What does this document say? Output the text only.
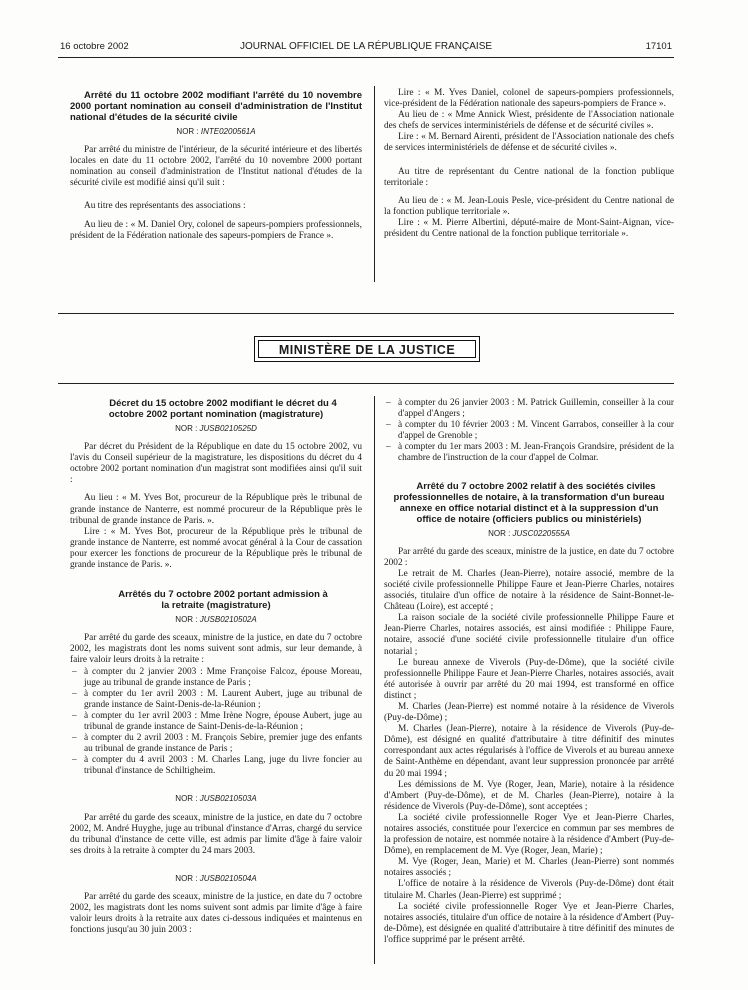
16 octobre 2002	JOURNAL OFFICIEL DE LA RÉPUBLIQUE FRANÇAISE	17101

Arrêté du 11 octobre 2002 modifiant l'arrêté du 10 novembre 2000 portant nomination au conseil d'administration de l'Institut national d'études de la sécurité civile

NOR : INTE0200561A

Par arrêté du ministre de l'intérieur, de la sécurité intérieure et des libertés locales en date du 11 octobre 2002, l'arrêté du 10 novembre 2000 portant nomination au conseil d'administration de l'Institut national d'études de la sécurité civile est modifié ainsi qu'il suit :

Au titre des représentants des associations :

Au lieu de : « M. Daniel Ory, colonel de sapeurs-pompiers professionnels, président de la Fédération nationale des sapeurs-pompiers de France ».

Lire : « M. Yves Daniel, colonel de sapeurs-pompiers professionnels, vice-président de la Fédération nationale des sapeurs-pompiers de France ».

Au lieu de : « Mme Annick Wiest, présidente de l'Association nationale des chefs de services interministériels de défense et de sécurité civiles ».

Lire : « M. Bernard Airenti, président de l'Association nationale des chefs de services interministériels de défense et de sécurité civiles ».

Au titre de représentant du Centre national de la fonction publique territoriale :

Au lieu de : « M. Jean-Louis Pesle, vice-président du Centre national de la fonction publique territoriale ».

Lire : « M. Pierre Albertini, député-maire de Mont-Saint-Aignan, vice-président du Centre national de la fonction publique territoriale ».

MINISTÈRE DE LA JUSTICE

Décret du 15 octobre 2002 modifiant le décret du 4 octobre 2002 portant nomination (magistrature)

NOR : JUSB0210525D

Par décret du Président de la République en date du 15 octobre 2002, vu l'avis du Conseil supérieur de la magistrature, les dispositions du décret du 4 octobre 2002 portant nomination d'un magistrat sont modifiées ainsi qu'il suit :

Au lieu : « M. Yves Bot, procureur de la République près le tribunal de grande instance de Nanterre, est nommé procureur de la République près le tribunal de grande instance de Paris. ».

Lire : « M. Yves Bot, procureur de la République près le tribunal de grande instance de Nanterre, est nommé avocat général à la Cour de cassation pour exercer les fonctions de procureur de la République près le tribunal de grande instance de Paris. ».

Arrêtés du 7 octobre 2002 portant admission à la retraite (magistrature)

NOR : JUSB0210502A

Par arrêté du garde des sceaux, ministre de la justice, en date du 7 octobre 2002, les magistrats dont les noms suivent sont admis, sur leur demande, à faire valoir leurs droits à la retraite :

– à compter du 2 janvier 2003 : Mme Françoise Falcoz, épouse Moreau, juge au tribunal de grande instance de Paris ;
– à compter du 1er avril 2003 : M. Laurent Aubert, juge au tribunal de grande instance de Saint-Denis-de-la-Réunion ;
– à compter du 1er avril 2003 : Mme Irène Nogre, épouse Aubert, juge au tribunal de grande instance de Saint-Denis-de-la-Réunion ;
– à compter du 2 avril 2003 : M. François Sebire, premier juge des enfants au tribunal de grande instance de Paris ;
– à compter du 4 avril 2003 : M. Charles Lang, juge du livre foncier au tribunal d'instance de Schiltigheim.
NOR : JUSB0210503A

Par arrêté du garde des sceaux, ministre de la justice, en date du 7 octobre 2002, M. André Huyghe, juge au tribunal d'instance d'Arras, chargé du service du tribunal d'instance de cette ville, est admis par limite d'âge à faire valoir ses droits à la retraite à compter du 24 mars 2003.

NOR : JUSB0210504A

Par arrêté du garde des sceaux, ministre de la justice, en date du 7 octobre 2002, les magistrats dont les noms suivent sont admis par limite d'âge à faire valoir leurs droits à la retraite aux dates ci-dessous indiquées et maintenus en fonctions jusqu'au 30 juin 2003 :

– à compter du 26 janvier 2003 : M. Patrick Guillemin, conseiller à la cour d'appel d'Angers ;
– à compter du 10 février 2003 : M. Vincent Garrabos, conseiller à la cour d'appel de Grenoble ;
– à compter du 1er mars 2003 : M. Jean-François Grandsire, président de la chambre de l'instruction de la cour d'appel de Colmar.

Arrêté du 7 octobre 2002 relatif à des sociétés civiles professionnelles de notaire, à la transformation d'un bureau annexe en office notarial distinct et à la suppression d'un office de notaire (officiers publics ou ministériels)

NOR : JUSC0220555A

Par arrêté du garde des sceaux, ministre de la justice, en date du 7 octobre 2002 :

Le retrait de M. Charles (Jean-Pierre), notaire associé, membre de la société civile professionnelle Philippe Faure et Jean-Pierre Charles, notaires associés, titulaire d'un office de notaire à la résidence de Saint-Bonnet-le-Château (Loire), est accepté ;

La raison sociale de la société civile professionnelle Philippe Faure et Jean-Pierre Charles, notaires associés, est ainsi modifiée : Philippe Faure, notaire, associé d'une société civile professionnelle titulaire d'un office notarial ;

Le bureau annexe de Viverols (Puy-de-Dôme), que la société civile professionnelle Philippe Faure et Jean-Pierre Charles, notaires associés, avait été autorisée à ouvrir par arrêté du 20 mai 1994, est transformé en office distinct ;

M. Charles (Jean-Pierre) est nommé notaire à la résidence de Viverols (Puy-de-Dôme) ;

M. Charles (Jean-Pierre), notaire à la résidence de Viverols (Puy-de-Dôme), est désigné en qualité d'attributaire à titre définitif des minutes correspondant aux actes régularisés à l'office de Viverols et au bureau annexe de Saint-Anthème en dépendant, avant leur suppression prononcée par arrêté du 20 mai 1994 ;

Les démissions de M. Vye (Roger, Jean, Marie), notaire à la résidence d'Ambert (Puy-de-Dôme), et de M. Charles (Jean-Pierre), notaire à la résidence de Viverols (Puy-de-Dôme), sont acceptées ;

La société civile professionnelle Roger Vye et Jean-Pierre Charles, notaires associés, constituée pour l'exercice en commun par ses membres de la profession de notaire, est nommée notaire à la résidence d'Ambert (Puy-de-Dôme), en remplacement de M. Vye (Roger, Jean, Marie) ;

M. Vye (Roger, Jean, Marie) et M. Charles (Jean-Pierre) sont nommés notaires associés ;

L'office de notaire à la résidence de Viverols (Puy-de-Dôme) dont était titulaire M. Charles (Jean-Pierre) est supprimé ;

La société civile professionnelle Roger Vye et Jean-Pierre Charles, notaires associés, titulaire d'un office de notaire à la résidence d'Ambert (Puy-de-Dôme), est désignée en qualité d'attributaire à titre définitif des minutes de l'office supprimé par le présent arrêté.
